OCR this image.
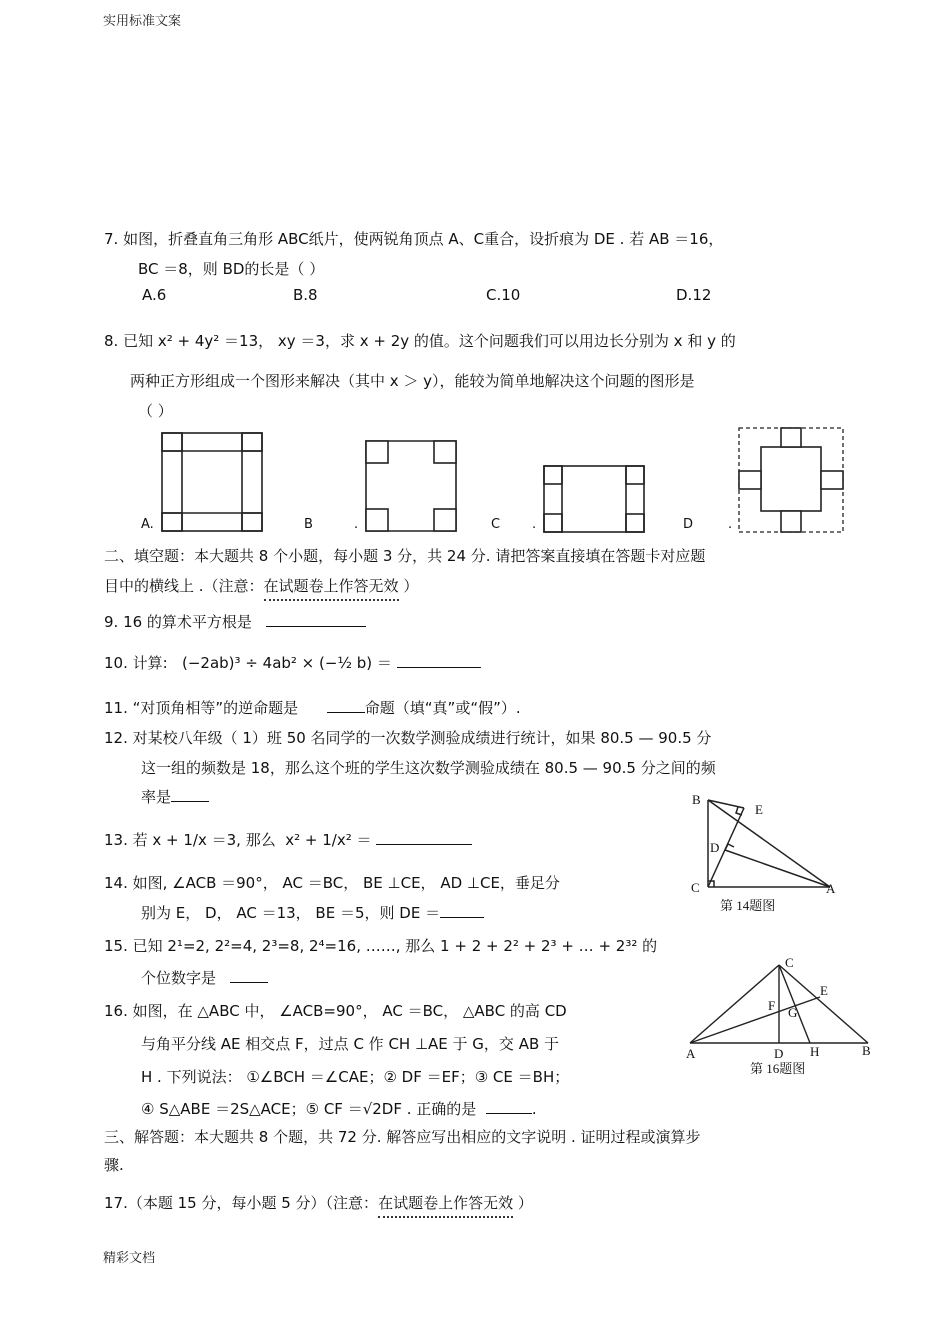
实用标准文案
7. 如图，折叠直角三角形 ABC纸片，使两锐角顶点 A、C重合，设折痕为 DE . 若 AB ＝16，
BC ＝8，则 BD的长是（ ）
A.6	B.8	C.10	D.12
8. 已知 x² + 4y² ＝13， xy ＝3，求 x + 2y 的值。这个问题我们可以用边长分别为 x 和 y 的
两种正方形组成一个图形来解决（其中 x ＞ y），能较为简单地解决这个问题的图形是
（ ）
A.	B	.	C .	D	.
二、填空题：本大题共 8 个小题，每小题 3 分，共 24 分. 请把答案直接填在答题卡对应题
目中的横线上 .（注意：在试题卷上作答无效 ）
9. 16 的算术平方根是
10. 计算: (−2ab)³ ÷ 4ab² × (−½ b) ＝
11. “对顶角相等”的逆命题是	命题（填“真”或“假”）.
12. 对某校八年级（ 1）班 50 名同学的一次数学测验成绩进行统计，如果 80.5 — 90.5 分
这一组的频数是 18，那么这个班的学生这次数学测验成绩在 80.5 — 90.5 分之间的频
率是
13. 若 x + 1/x ＝3, 那么 x² + 1/x² ＝
14. 如图, ∠ACB ＝90°， AC ＝BC， BE ⊥CE， AD ⊥CE，垂足分
别为 E， D， AC ＝13， BE ＝5，则 DE ＝
B
E
D
C	A
第 14题图
15. 已知 2¹=2, 2²=4, 2³=8, 2⁴=16, ……, 那么 1 + 2 + 2² + 2³ + … + 2³² 的
个位数字是
C
E
F G
A	D H	B
第 16题图
16. 如图，在 △ABC 中， ∠ACB=90°， AC ＝BC， △ABC 的高 CD
与角平分线 AE 相交点 F，过点 C 作 CH ⊥AE 于 G，交 AB 于
H . 下列说法： ①∠BCH ＝∠CAE；② DF ＝EF；③ CE ＝BH；
④ S△ABE ＝2S△ACE；⑤ CF ＝√2DF . 正确的是	.
三、解答题：本大题共 8 个题，共 72 分. 解答应写出相应的文字说明 . 证明过程或演算步
骤.
17.（本题 15 分，每小题 5 分）（注意：在试题卷上作答无效 ）
精彩文档
